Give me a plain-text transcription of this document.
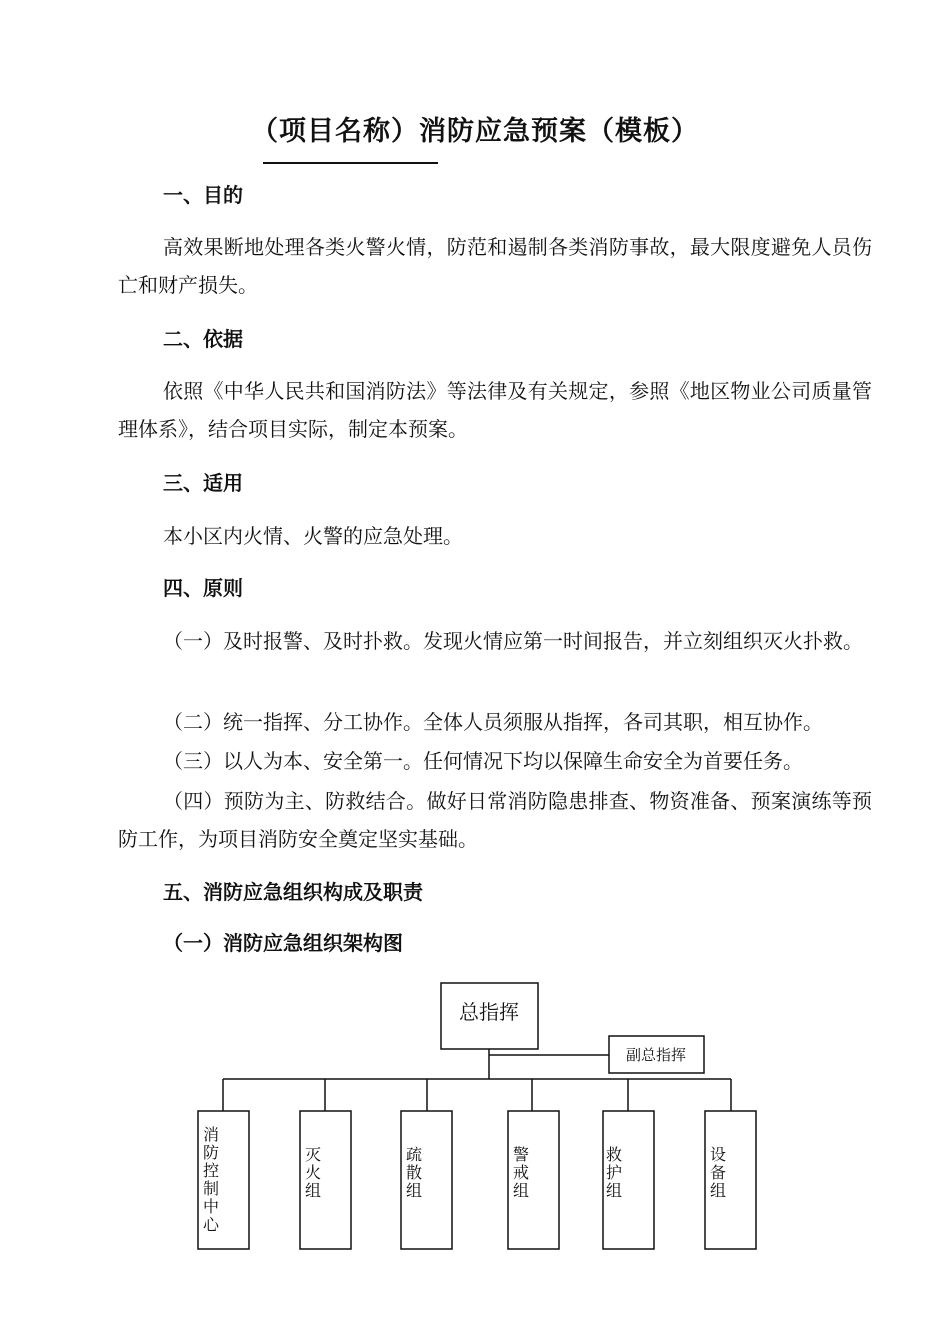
（项目名称）消防应急预案（模板）
一、目的
高效果断地处理各类火警火情，防范和遏制各类消防事故，最大限度避免人员伤亡和财产损失。
二、依据
依照《中华人民共和国消防法》等法律及有关规定，参照《地区物业公司质量管理体系》，结合项目实际，制定本预案。
三、适用
本小区内火情、火警的应急处理。
四、原则
（一）及时报警、及时扑救。发现火情应第一时间报告，并立刻组织灭火扑救。
（二）统一指挥、分工协作。全体人员须服从指挥，各司其职，相互协作。
（三）以人为本、安全第一。任何情况下均以保障生命安全为首要任务。
（四）预防为主、防救结合。做好日常消防隐患排查、物资准备、预案演练等预防工作，为项目消防安全奠定坚实基础。
五、消防应急组织构成及职责
（一）消防应急组织架构图
总指挥
副总指挥
消防控制中心
灭火组
疏散组
警戒组
救护组
设备组
